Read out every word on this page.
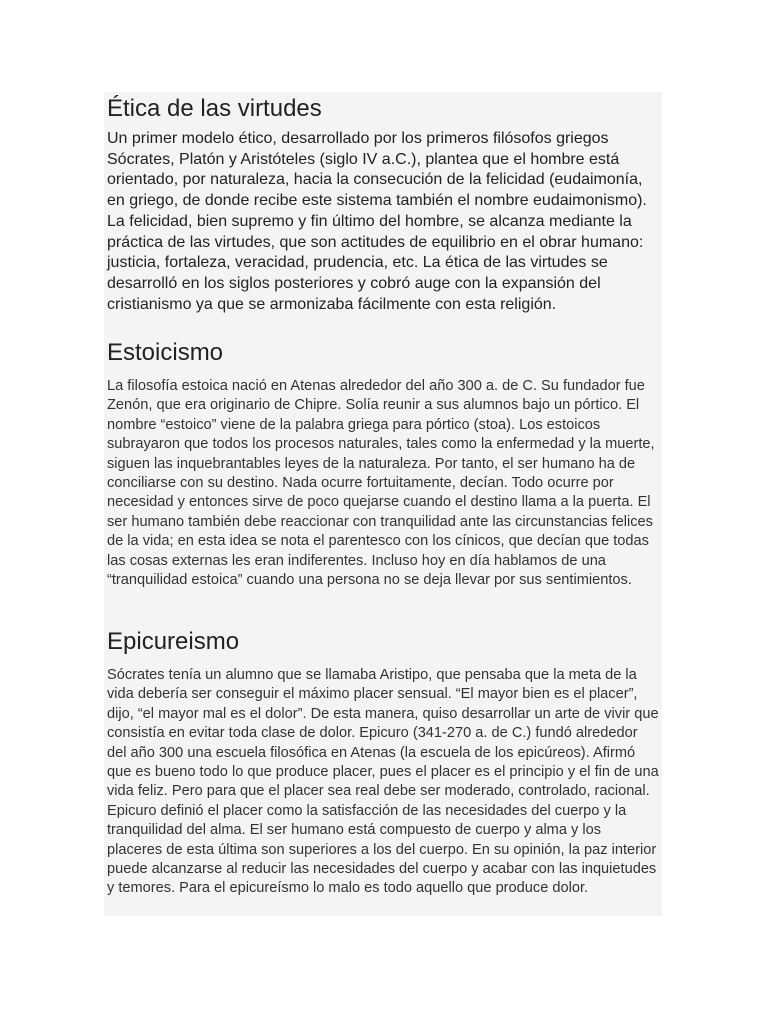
Ética de las virtudes

Un primer modelo ético, desarrollado por los primeros filósofos griegos Sócrates, Platón y Aristóteles (siglo IV a.C.), plantea que el hombre está orientado, por naturaleza, hacia la consecución de la felicidad (eudaimonía, en griego, de donde recibe este sistema también el nombre eudaimonismo). La felicidad, bien supremo y fin último del hombre, se alcanza mediante la práctica de las virtudes, que son actitudes de equilibrio en el obrar humano: justicia, fortaleza, veracidad, prudencia, etc. La ética de las virtudes se desarrolló en los siglos posteriores y cobró auge con la expansión del cristianismo ya que se armonizaba fácilmente con esta religión.

Estoicismo

La filosofía estoica nació en Atenas alrededor del año 300 a. de C. Su fundador fue Zenón, que era originario de Chipre. Solía reunir a sus alumnos bajo un pórtico. El nombre “estoico” viene de la palabra griega para pórtico (stoa). Los estoicos subrayaron que todos los procesos naturales, tales como la enfermedad y la muerte, siguen las inquebrantables leyes de la naturaleza. Por tanto, el ser humano ha de conciliarse con su destino. Nada ocurre fortuitamente, decían. Todo ocurre por necesidad y entonces sirve de poco quejarse cuando el destino llama a la puerta. El ser humano también debe reaccionar con tranquilidad ante las circunstancias felices de la vida; en esta idea se nota el parentesco con los cínicos, que decían que todas las cosas externas les eran indiferentes. Incluso hoy en día hablamos de una “tranquilidad estoica” cuando una persona no se deja llevar por sus sentimientos.

Epicureismo

Sócrates tenía un alumno que se llamaba Aristipo, que pensaba que la meta de la vida debería ser conseguir el máximo placer sensual. “El mayor bien es el placer”, dijo, “el mayor mal es el dolor”. De esta manera, quiso desarrollar un arte de vivir que consistía en evitar toda clase de dolor. Epicuro (341-270 a. de C.) fundó alrededor del año 300 una escuela filosófica en Atenas (la escuela de los epicúreos). Afirmó que es bueno todo lo que produce placer, pues el placer es el principio y el fin de una vida feliz. Pero para que el placer sea real debe ser moderado, controlado, racional. Epicuro definió el placer como la satisfacción de las necesidades del cuerpo y la tranquilidad del alma. El ser humano está compuesto de cuerpo y alma y los placeres de esta última son superiores a los del cuerpo. En su opinión, la paz interior puede alcanzarse al reducir las necesidades del cuerpo y acabar con las inquietudes y temores. Para el epicureísmo lo malo es todo aquello que produce dolor.
